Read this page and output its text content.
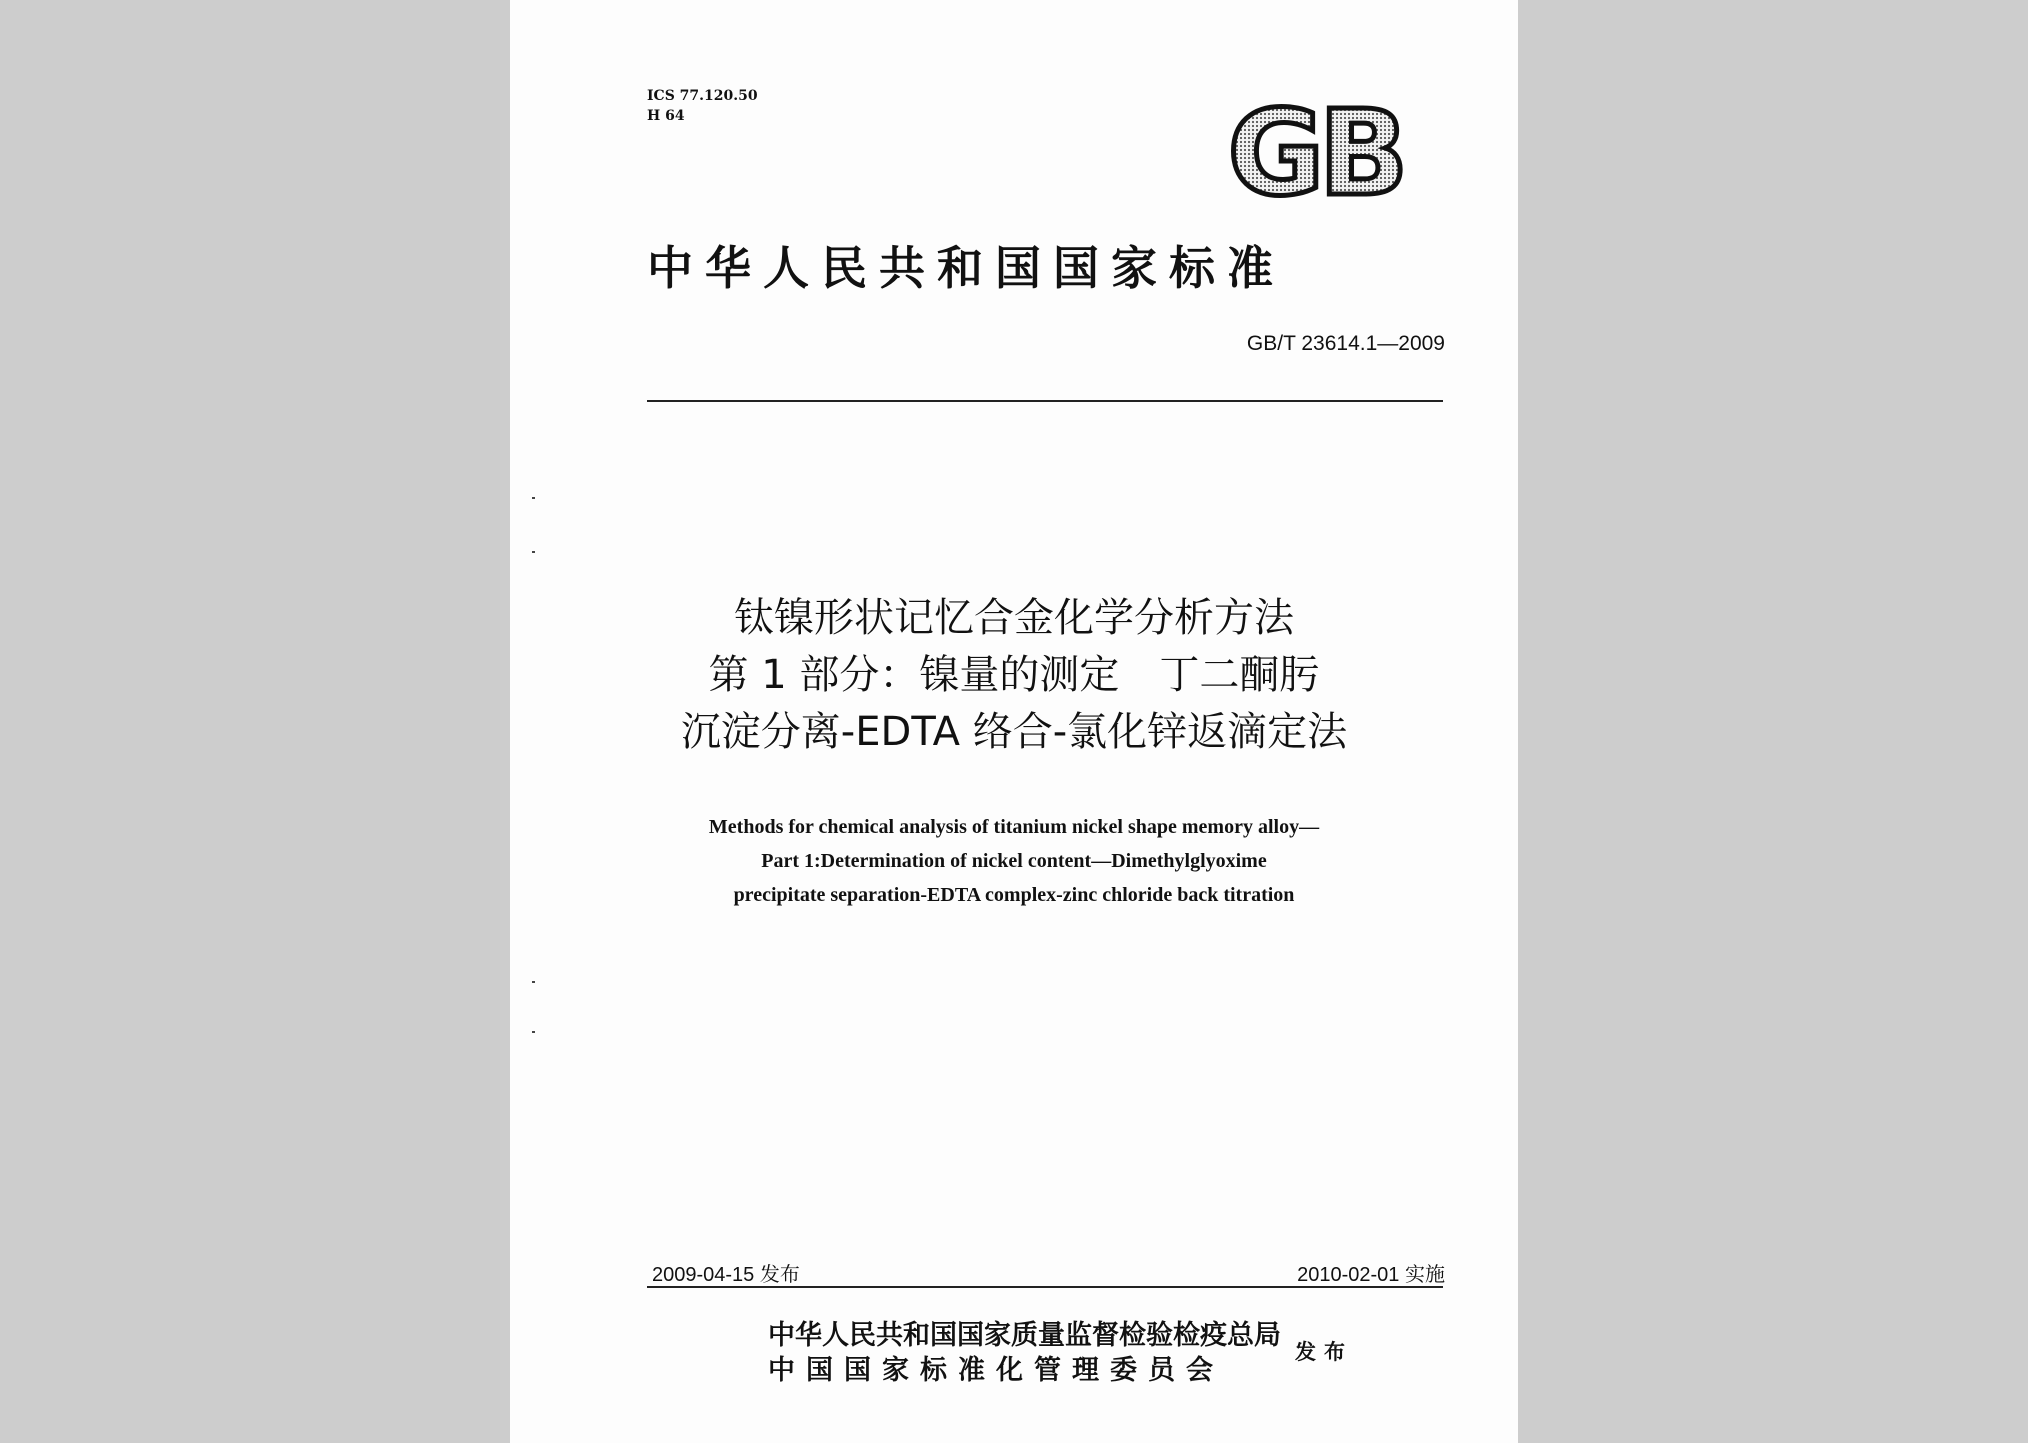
ICS 77.120.50
H 64	GB
中华人民共和国国家标准
GB/T 23614.1—2009
钛镍形状记忆合金化学分析方法
第 1 部分：镍量的测定　丁二酮肟
沉淀分离-EDTA 络合-氯化锌返滴定法
Methods for chemical analysis of titanium nickel shape memory alloy—
Part 1:Determination of nickel content—Dimethylglyoxime
precipitate separation-EDTA complex-zinc chloride back titration
2009-04-15 发布	2010-02-01 实施
中华人民共和国国家质量监督检验检疫总局
中国国家标准化管理委员会
发布
